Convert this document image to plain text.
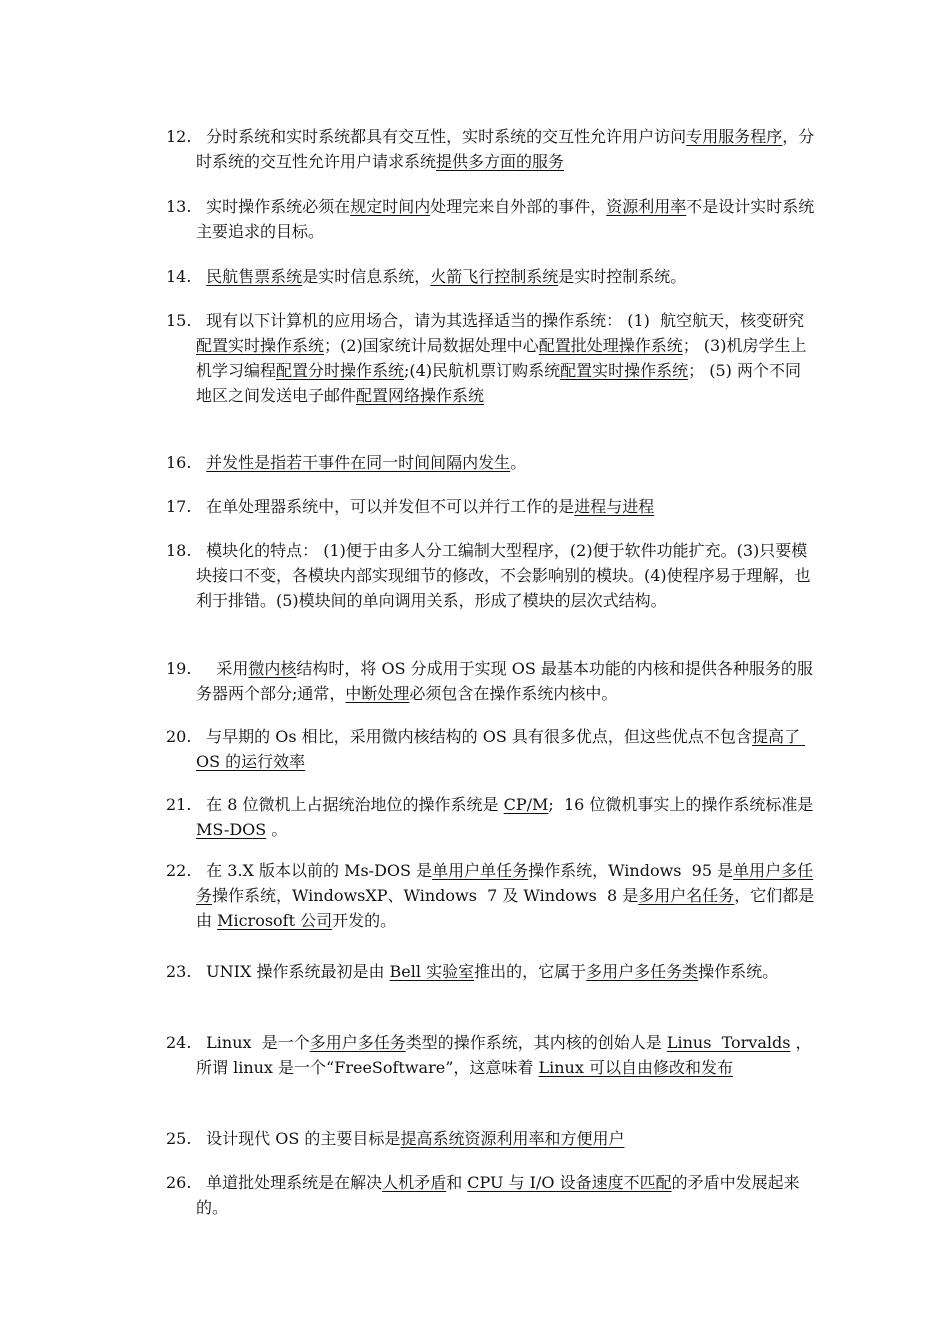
12. 分时系统和实时系统都具有交互性，实时系统的交互性允许用户访问专用服务程序，分时系统的交互性允许用户请求系统提供多方面的服务
13. 实时操作系统必须在规定时间内处理完来自外部的事件，资源利用率不是设计实时系统主要追求的目标。
14. 民航售票系统是实时信息系统，火箭飞行控制系统是实时控制系统。
15. 现有以下计算机的应用场合，请为其选择适当的操作系统： (1)  航空航天，核变研究配置实时操作系统；(2)国家统计局数据处理中心配置批处理操作系统； (3)机房学生上机学习编程配置分时操作系统;(4)民航机票订购系统配置实时操作系统； (5) 两个不同地区之间发送电子邮件配置网络操作系统
16. 并发性是指若干事件在同一时间间隔内发生。
17. 在单处理器系统中，可以并发但不可以并行工作的是进程与进程
18. 模块化的特点： (1)便于由多人分工编制大型程序，(2)便于软件功能扩充。(3)只要模块接口不变，各模块内部实现细节的修改，不会影响别的模块。(4)使程序易于理解，也利于排错。(5)模块间的单向调用关系，形成了模块的层次式结构。
19. 采用微内核结构时，将 OS 分成用于实现 OS 最基本功能的内核和提供各种服务的服务器两个部分;通常，中断处理必须包含在操作系统内核中。
20. 与早期的 Os 相比，采用微内核结构的 OS 具有很多优点，但这些优点不包含提高了 OS 的运行效率
21. 在 8 位微机上占据统治地位的操作系统是 CP/M;  16 位微机事实上的操作系统标准是 MS-DOS 。
22. 在 3.X 版本以前的 Ms-DOS 是单用户单任务操作系统，Windows  95 是单用户多任务操作系统，WindowsXP、Windows  7 及 Windows  8 是多用户名任务，它们都是由 Microsoft 公司开发的。
23. UNIX 操作系统最初是由 Bell 实验室推出的，它属于多用户多任务类操作系统。
24. Linux  是一个多用户多任务类型的操作系统，其内核的创始人是 Linus  Torvalds ，所谓 linux 是一个“FreeSoftware”，这意味着 Linux 可以自由修改和发布
25. 设计现代 OS 的主要目标是提高系统资源利用率和方便用户
26. 单道批处理系统是在解决人机矛盾和 CPU 与 I/O 设备速度不匹配的矛盾中发展起来的。
